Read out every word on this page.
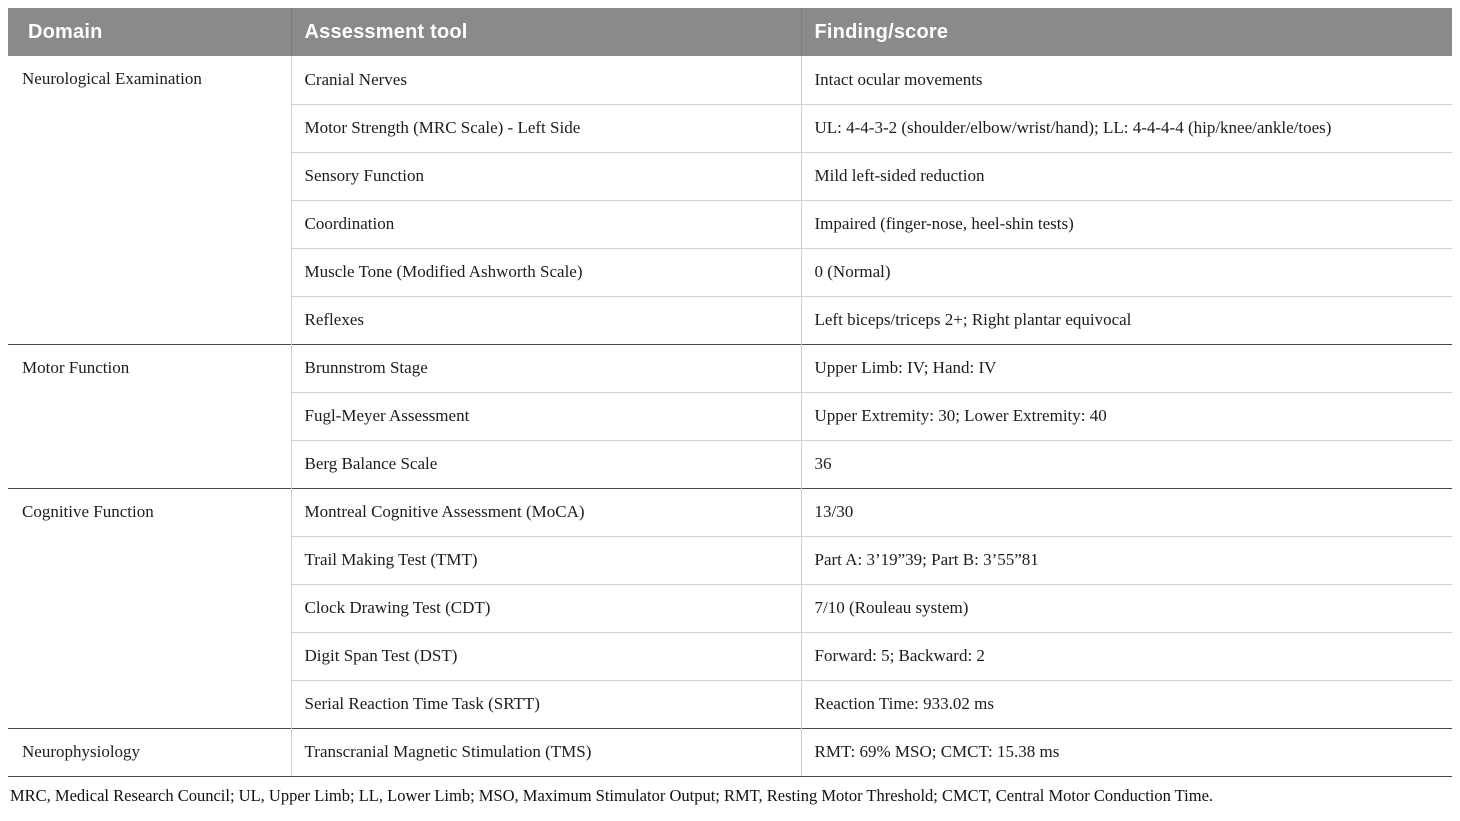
Domain	Assessment tool	Finding/score
Neurological Examination	Cranial Nerves	Intact ocular movements
	Motor Strength (MRC Scale) - Left Side	UL: 4-4-3-2 (shoulder/elbow/wrist/hand); LL: 4-4-4-4 (hip/knee/ankle/toes)
	Sensory Function	Mild left-sided reduction
	Coordination	Impaired (finger-nose, heel-shin tests)
	Muscle Tone (Modified Ashworth Scale)	0 (Normal)
	Reflexes	Left biceps/triceps 2+; Right plantar equivocal
Motor Function	Brunnstrom Stage	Upper Limb: IV; Hand: IV
	Fugl-Meyer Assessment	Upper Extremity: 30; Lower Extremity: 40
	Berg Balance Scale	36
Cognitive Function	Montreal Cognitive Assessment (MoCA)	13/30
	Trail Making Test (TMT)	Part A: 3’19”39; Part B: 3’55”81
	Clock Drawing Test (CDT)	7/10 (Rouleau system)
	Digit Span Test (DST)	Forward: 5; Backward: 2
	Serial Reaction Time Task (SRTT)	Reaction Time: 933.02 ms
Neurophysiology	Transcranial Magnetic Stimulation (TMS)	RMT: 69% MSO; CMCT: 15.38 ms

MRC, Medical Research Council; UL, Upper Limb; LL, Lower Limb; MSO, Maximum Stimulator Output; RMT, Resting Motor Threshold; CMCT, Central Motor Conduction Time.
